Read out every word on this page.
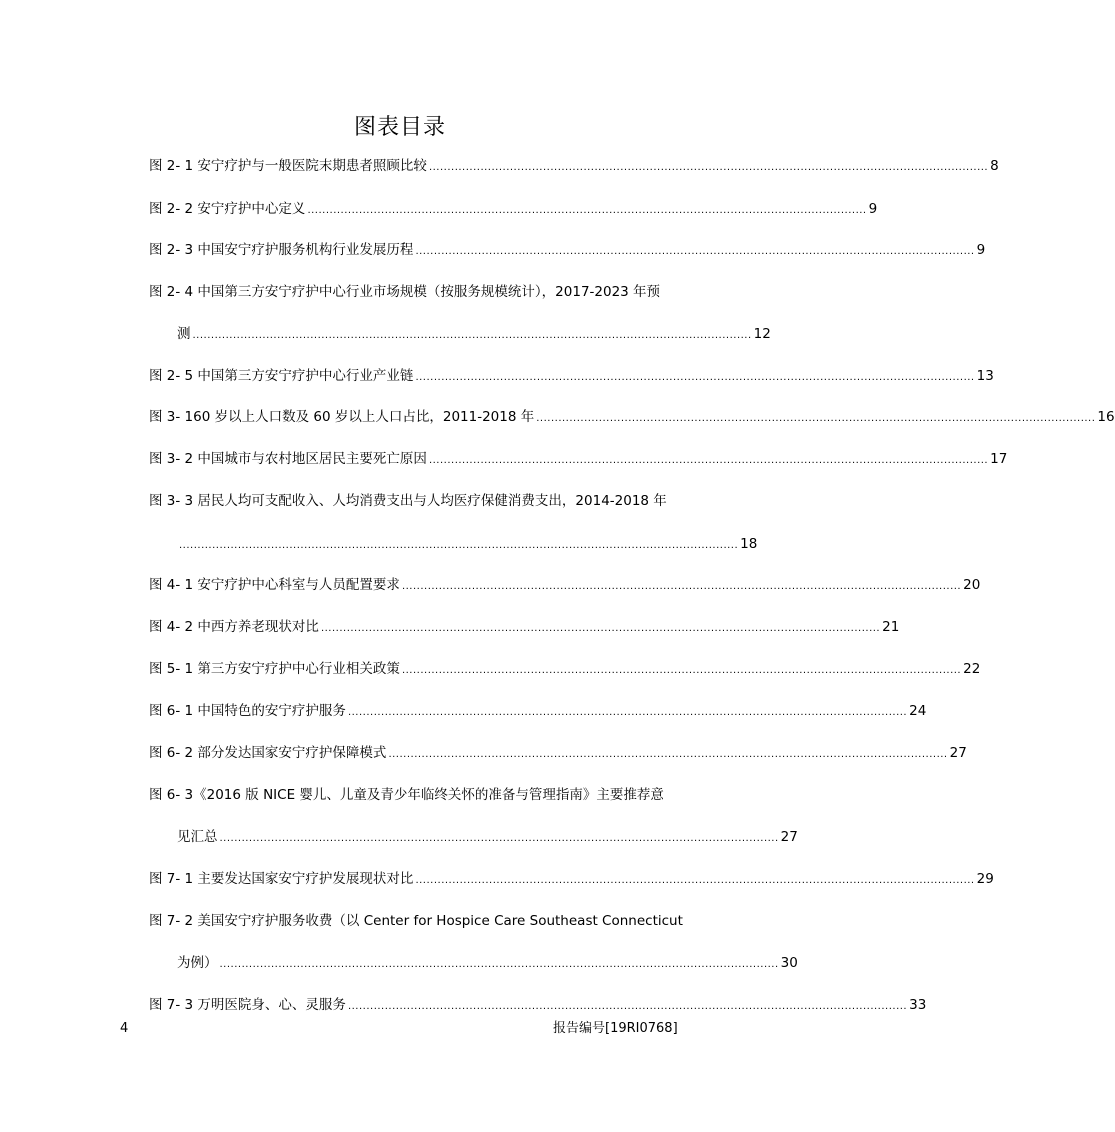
图表目录
图 2- 1 安宁疗护与一般医院末期患者照顾比较 ........................................................................................................................................................ 8
图 2- 2 安宁疗护中心定义 ........................................................................................................................................................ 9
图 2- 3 中国安宁疗护服务机构行业发展历程 ........................................................................................................................................................ 9
图 2- 4 中国第三方安宁疗护中心行业市场规模（按服务规模统计），2017-2023 年预
测 ........................................................................................................................................................ 12
图 2- 5 中国第三方安宁疗护中心行业产业链 ........................................................................................................................................................ 13
图 3- 160 岁以上人口数及 60 岁以上人口占比，2011-2018 年 ........................................................................................................................................................ 16
图 3- 2 中国城市与农村地区居民主要死亡原因 ........................................................................................................................................................ 17
图 3- 3 居民人均可支配收入、人均消费支出与人均医疗保健消费支出，2014-2018 年
........................................................................................................................................................ 18
图 4- 1 安宁疗护中心科室与人员配置要求 ........................................................................................................................................................ 20
图 4- 2 中西方养老现状对比 ........................................................................................................................................................ 21
图 5- 1 第三方安宁疗护中心行业相关政策 ........................................................................................................................................................ 22
图 6- 1 中国特色的安宁疗护服务 ........................................................................................................................................................ 24
图 6- 2 部分发达国家安宁疗护保障模式 ........................................................................................................................................................ 27
图 6- 3《2016 版 NICE 婴儿、儿童及青少年临终关怀的准备与管理指南》主要推荐意
见汇总 ........................................................................................................................................................ 27
图 7- 1 主要发达国家安宁疗护发展现状对比 ........................................................................................................................................................ 29
图 7- 2 美国安宁疗护服务收费（以 Center for Hospice Care Southeast Connecticut
为例） ........................................................................................................................................................ 30
图 7- 3 万明医院身、心、灵服务 ........................................................................................................................................................ 33
4	报告编号[19RI0768]
